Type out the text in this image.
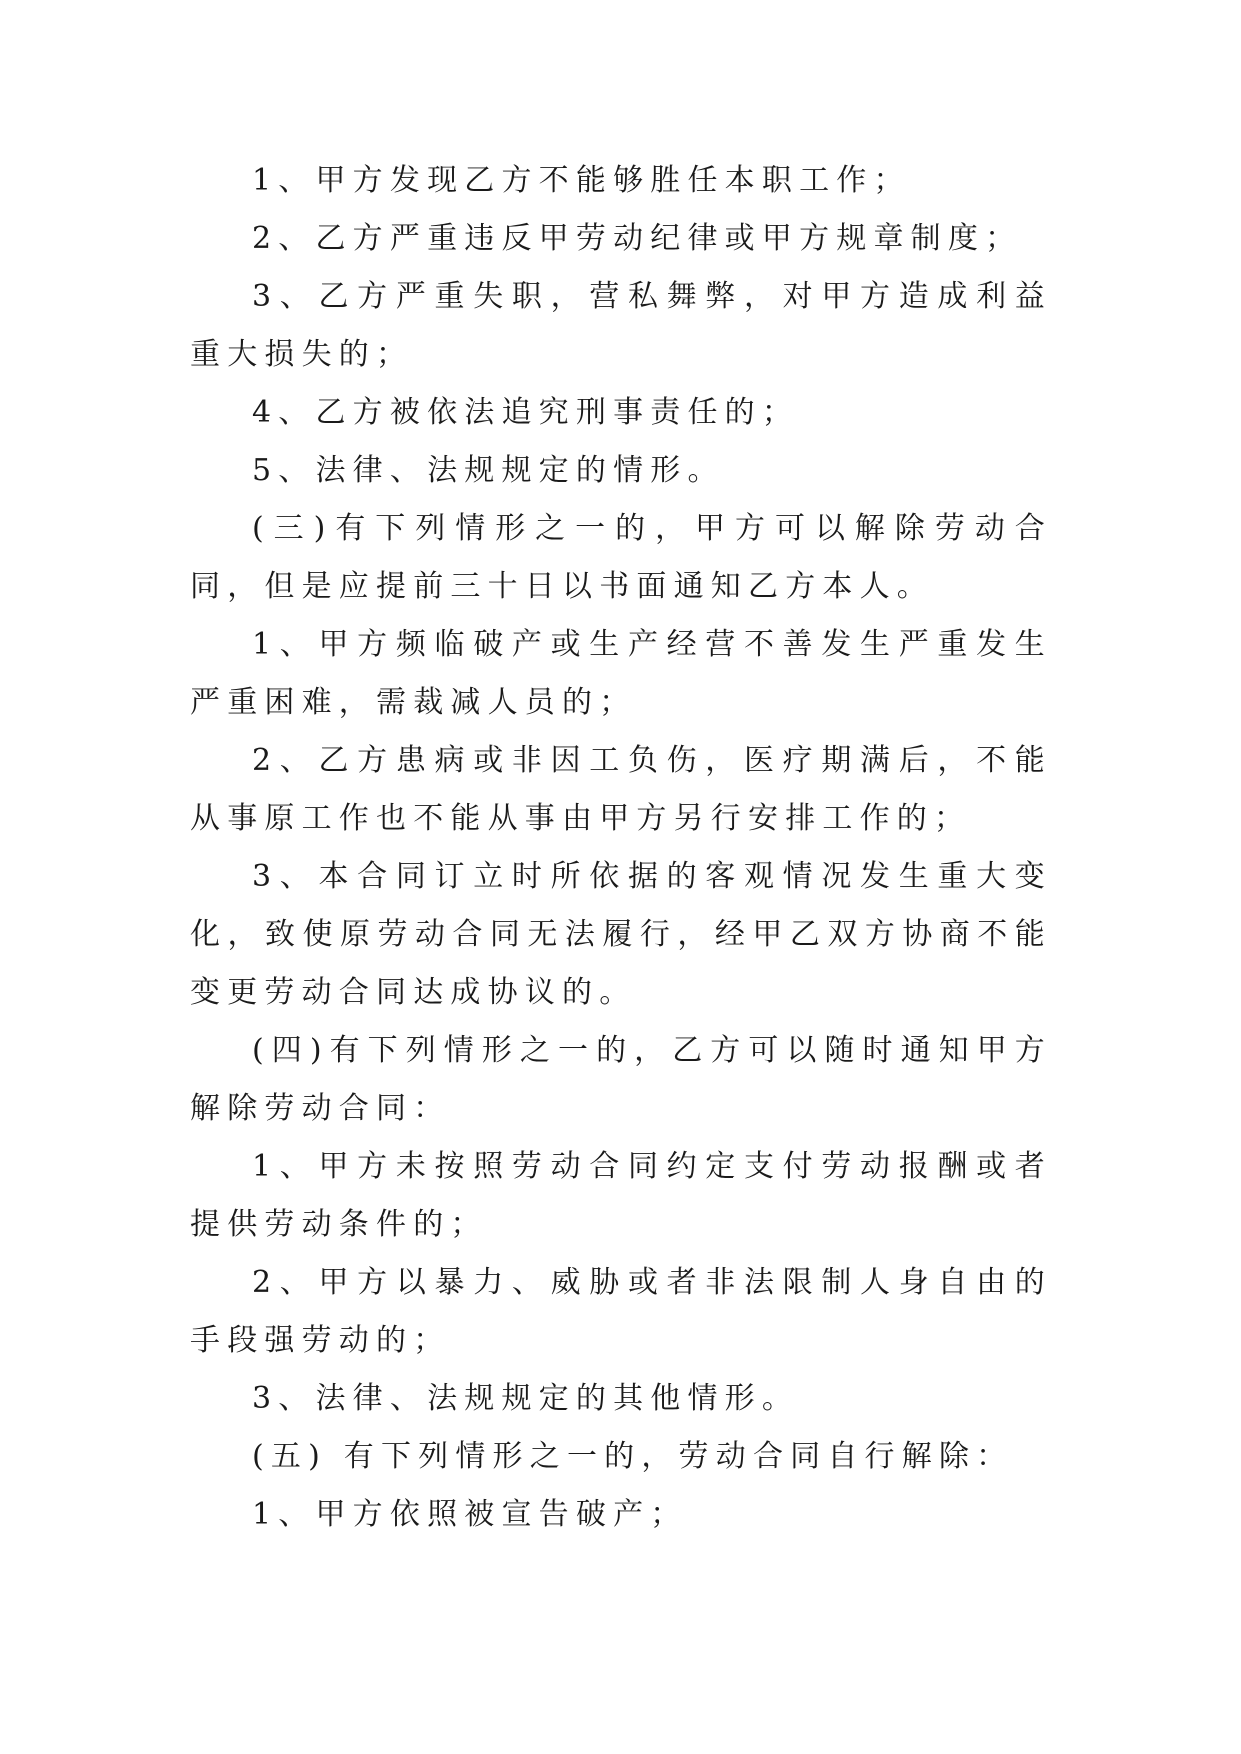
1、甲方发现乙方不能够胜任本职工作；

2、乙方严重违反甲劳动纪律或甲方规章制度；

3、乙方严重失职，营私舞弊，对甲方造成利益重大损失的；

4、乙方被依法追究刑事责任的；

5、法律、法规规定的情形。

(三)有下列情形之一的，甲方可以解除劳动合同，但是应提前三十日以书面通知乙方本人。

1、甲方频临破产或生产经营不善发生严重发生严重困难，需裁减人员的；

2、乙方患病或非因工负伤，医疗期满后，不能从事原工作也不能从事由甲方另行安排工作的；

3、本合同订立时所依据的客观情况发生重大变化，致使原劳动合同无法履行，经甲乙双方协商不能变更劳动合同达成协议的。

(四)有下列情形之一的，乙方可以随时通知甲方解除劳动合同：

1、甲方未按照劳动合同约定支付劳动报酬或者提供劳动条件的；

2、甲方以暴力、威胁或者非法限制人身自由的手段强劳动的；

3、法律、法规规定的其他情形。

(五) 有下列情形之一的，劳动合同自行解除：

1、甲方依照被宣告破产；
